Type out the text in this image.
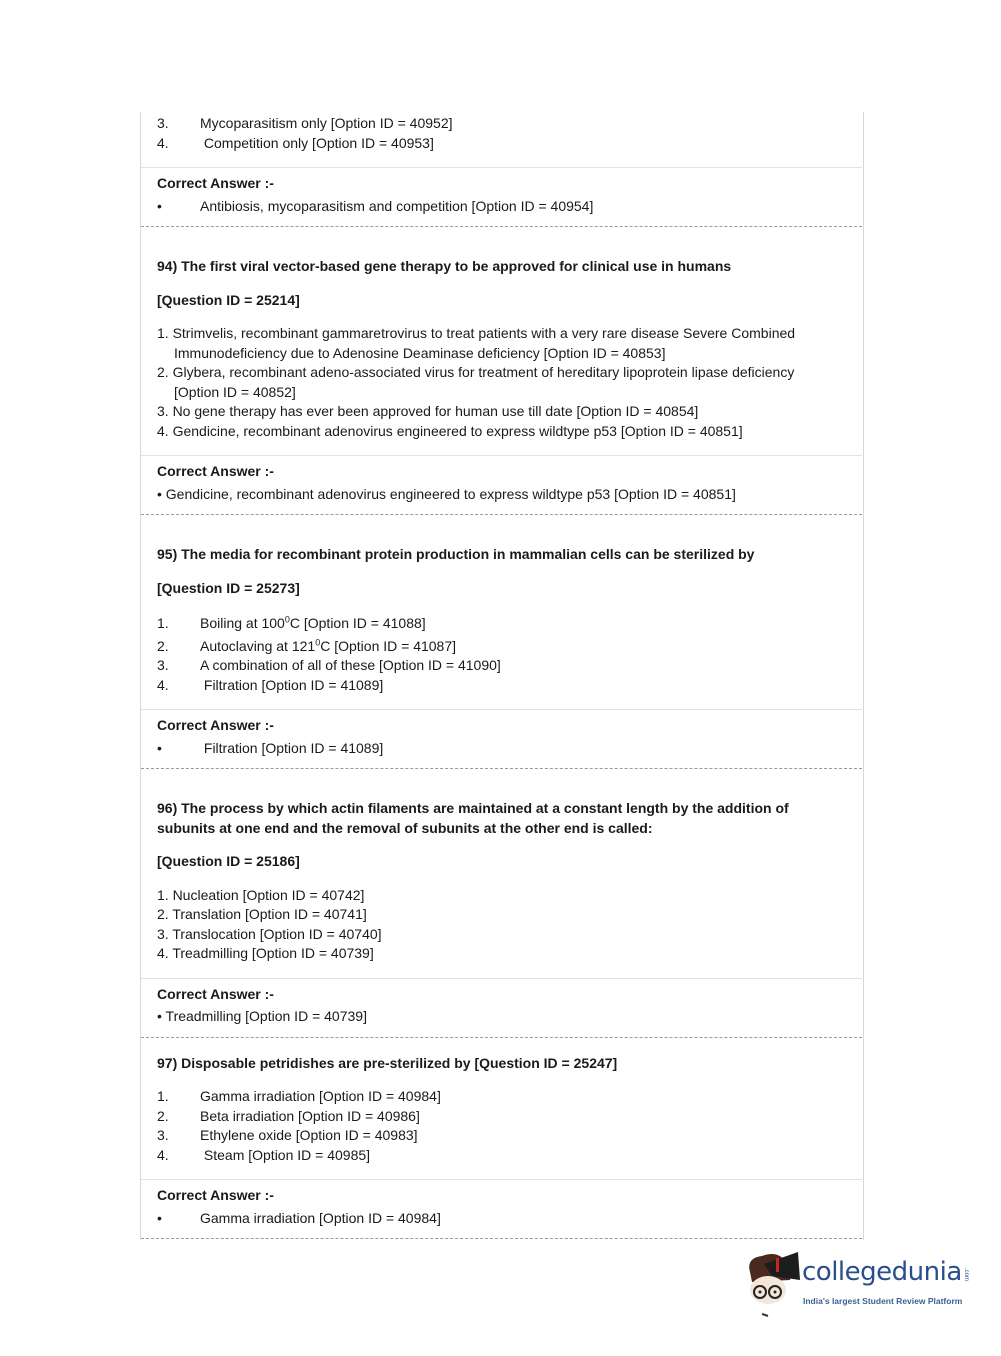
3.	Mycoparasitism only [Option ID = 40952]
4.	Competition only [Option ID = 40953]
Correct Answer :-
•	Antibiosis, mycoparasitism and competition [Option ID = 40954]
94) The first viral vector-based gene therapy to be approved for clinical use in humans
[Question ID = 25214]
1. Strimvelis, recombinant gammaretrovirus to treat patients with a very rare disease Severe Combined Immunodeficiency due to Adenosine Deaminase deficiency [Option ID = 40853]
2. Glybera, recombinant adeno-associated virus for treatment of hereditary lipoprotein lipase deficiency [Option ID = 40852]
3. No gene therapy has ever been approved for human use till date [Option ID = 40854]
4. Gendicine, recombinant adenovirus engineered to express wildtype p53 [Option ID = 40851]
Correct Answer :-
• Gendicine, recombinant adenovirus engineered to express wildtype p53 [Option ID = 40851]
95) The media for recombinant protein production in mammalian cells can be sterilized by
[Question ID = 25273]
1.	Boiling at $100^0C$ [Option ID = 41088]
2.	Autoclaving at $121^0C$ [Option ID = 41087]
3.	A combination of all of these [Option ID = 41090]
4.	Filtration [Option ID = 41089]
Correct Answer :-
•	Filtration [Option ID = 41089]
96) The process by which actin filaments are maintained at a constant length by the addition of subunits at one end and the removal of subunits at the other end is called:
[Question ID = 25186]
1. Nucleation [Option ID = 40742]
2. Translation [Option ID = 40741]
3. Translocation [Option ID = 40740]
4. Treadmilling [Option ID = 40739]
Correct Answer :-
• Treadmilling [Option ID = 40739]
97) Disposable petridishes are pre-sterilized by [Question ID = 25247]
1.	Gamma irradiation [Option ID = 40984]
2.	Beta irradiation [Option ID = 40986]
3.	Ethylene oxide [Option ID = 40983]
4.	Steam [Option ID = 40985]
Correct Answer :-
•	Gamma irradiation [Option ID = 40984]
collegedunia .com
India's largest Student Review Platform
